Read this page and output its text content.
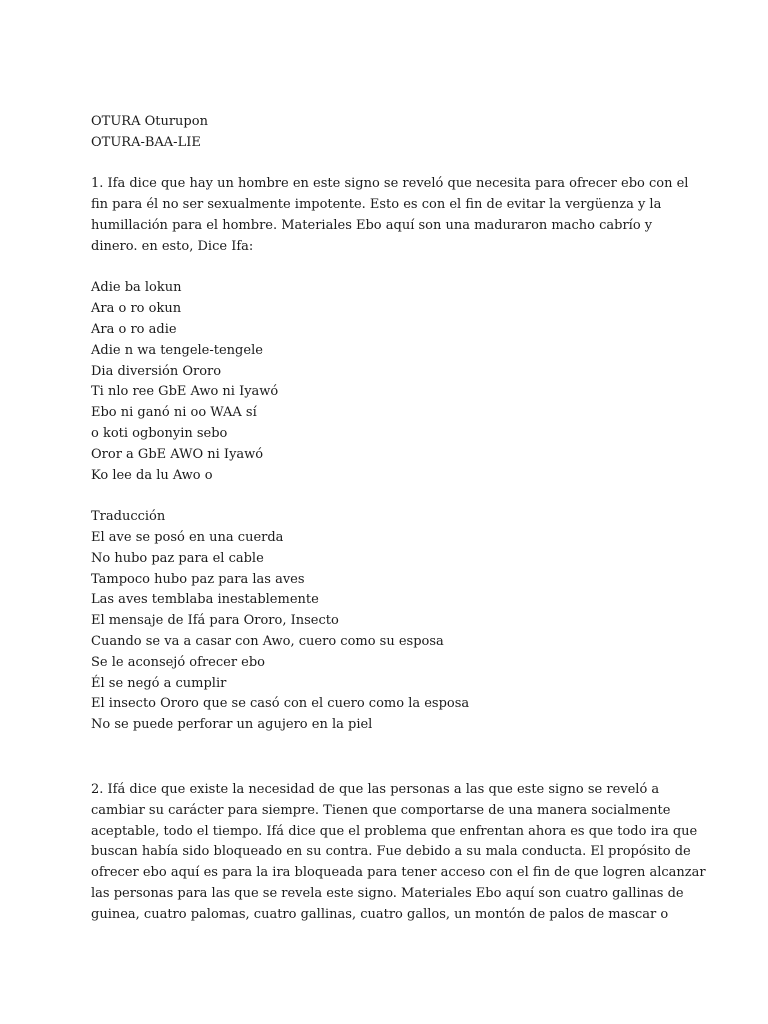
OTURA Oturupon
OTURA-BAA-LIE
1. Ifa dice que hay un hombre en este signo se reveló que necesita para ofrecer ebo con el
fin para él no ser sexualmente impotente. Esto es con el fin de evitar la vergüenza y la
humillación para el hombre. Materiales Ebo aquí son una maduraron macho cabrío y
dinero. en esto, Dice Ifa:
Adie ba lokun
Ara o ro okun
Ara o ro adie
Adie n wa tengele-tengele
Dia diversión Ororo
Ti nlo ree GbE Awo ni Iyawó
Ebo ni ganó ni oo WAA sí
o koti ogbonyin sebo
Oror a GbE AWO ni Iyawó
Ko lee da lu Awo o
Traducción
El ave se posó en una cuerda
No hubo paz para el cable
Tampoco hubo paz para las aves
Las aves temblaba inestablemente
El mensaje de Ifá para Ororo, Insecto
Cuando se va a casar con Awo, cuero como su esposa
Se le aconsejó ofrecer ebo
Él se negó a cumplir
El insecto Ororo que se casó con el cuero como la esposa
No se puede perforar un agujero en la piel
2. Ifá dice que existe la necesidad de que las personas a las que este signo se reveló a
cambiar su carácter para siempre. Tienen que comportarse de una manera socialmente
aceptable, todo el tiempo. Ifá dice que el problema que enfrentan ahora es que todo ira que
buscan había sido bloqueado en su contra. Fue debido a su mala conducta. El propósito de
ofrecer ebo aquí es para la ira bloqueada para tener acceso con el fin de que logren alcanzar
las personas para las que se revela este signo. Materiales Ebo aquí son cuatro gallinas de
guinea, cuatro palomas, cuatro gallinas, cuatro gallos, un montón de palos de mascar o
